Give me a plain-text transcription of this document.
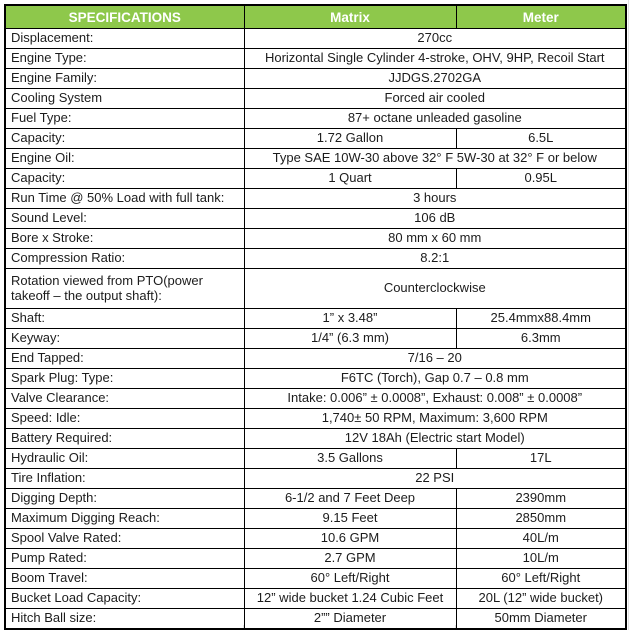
SPECIFICATIONS	Matrix	Meter
Displacement:	270cc	
Engine Type:	Horizontal Single Cylinder 4-stroke, OHV, 9HP, Recoil Start	
Engine Family:	JJDGS.2702GA	
Cooling System	Forced air cooled	
Fuel Type:	87+ octane unleaded gasoline	
Capacity:	1.72 Gallon	6.5L
Engine Oil:	Type SAE 10W-30 above 32° F 5W-30 at 32° F or below	
Capacity:	1 Quart	0.95L
Run Time @ 50% Load with full tank:	3 hours	
Sound Level:	106 dB	
Bore x Stroke:	80 mm x 60 mm	
Compression Ratio:	8.2:1	
Rotation viewed from PTO(power takeoff – the output shaft):	Counterclockwise	
Shaft:	1” x 3.48”	25.4mmx88.4mm
Keyway:	1/4” (6.3 mm)	6.3mm
End Tapped:	7/16 – 20	
Spark Plug: Type:	F6TC (Torch), Gap 0.7 – 0.8 mm	
Valve Clearance:	Intake: 0.006” ± 0.0008”, Exhaust: 0.008” ± 0.0008”	
Speed: Idle:	1,740± 50 RPM, Maximum: 3,600 RPM	
Battery Required:	12V 18Ah (Electric start Model)	
Hydraulic Oil:	3.5 Gallons	17L
Tire Inflation:	22 PSI	
Digging Depth:	6-1/2 and 7 Feet Deep	2390mm
Maximum Digging Reach:	9.15 Feet	2850mm
Spool Valve Rated:	10.6 GPM	40L/m
Pump Rated:	2.7 GPM	10L/m
Boom Travel:	60° Left/Right	60° Left/Right
Bucket Load Capacity:	12” wide bucket 1.24 Cubic Feet	20L (12” wide bucket)
Hitch Ball size:	2”” Diameter	50mm Diameter
